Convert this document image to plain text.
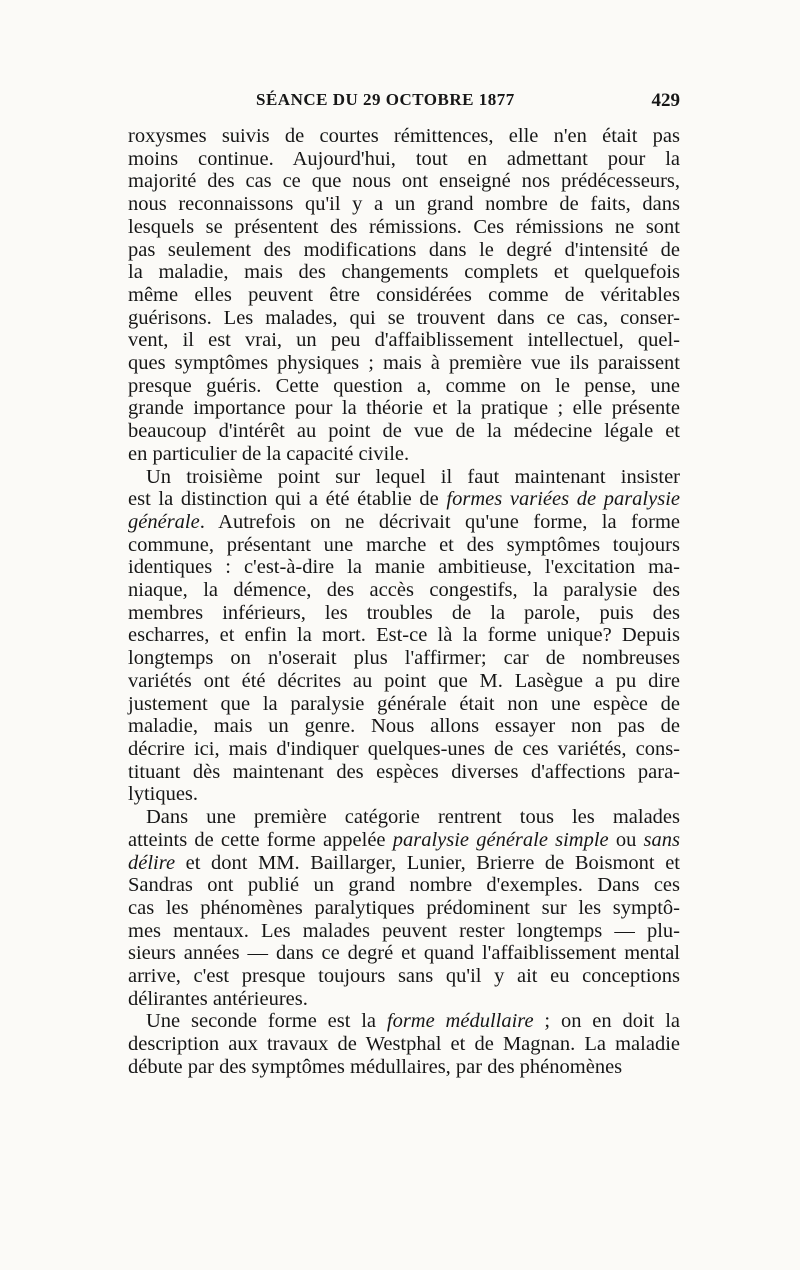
SÉANCE DU 29 OCTOBRE 1877	429

roxysmes suivis de courtes rémittences, elle n'en était pas
moins continue. Aujourd'hui, tout en admettant pour la
majorité des cas ce que nous ont enseigné nos prédécesseurs,
nous reconnaissons qu'il y a un grand nombre de faits, dans
lesquels se présentent des rémissions. Ces rémissions ne sont
pas seulement des modifications dans le degré d'intensité de
la maladie, mais des changements complets et quelquefois
même elles peuvent être considérées comme de véritables
guérisons. Les malades, qui se trouvent dans ce cas, conser-
vent, il est vrai, un peu d'affaiblissement intellectuel, quel-
ques symptômes physiques ; mais à première vue ils paraissent
presque guéris. Cette question a, comme on le pense, une
grande importance pour la théorie et la pratique ; elle présente
beaucoup d'intérêt au point de vue de la médecine légale et
en particulier de la capacité civile.

Un troisième point sur lequel il faut maintenant insister
est la distinction qui a été établie de formes variées de paralysie
générale. Autrefois on ne décrivait qu'une forme, la forme
commune, présentant une marche et des symptômes toujours
identiques : c'est-à-dire la manie ambitieuse, l'excitation ma-
niaque, la démence, des accès congestifs, la paralysie des
membres inférieurs, les troubles de la parole, puis des
escharres, et enfin la mort. Est-ce là la forme unique? Depuis
longtemps on n'oserait plus l'affirmer; car de nombreuses
variétés ont été décrites au point que M. Lasègue a pu dire
justement que la paralysie générale était non une espèce de
maladie, mais un genre. Nous allons essayer non pas de
décrire ici, mais d'indiquer quelques-unes de ces variétés, cons-
tituant dès maintenant des espèces diverses d'affections para-
lytiques.

Dans une première catégorie rentrent tous les malades
atteints de cette forme appelée paralysie générale simple ou sans
délire et dont MM. Baillarger, Lunier, Brierre de Boismont et
Sandras ont publié un grand nombre d'exemples. Dans ces
cas les phénomènes paralytiques prédominent sur les symptô-
mes mentaux. Les malades peuvent rester longtemps — plu-
sieurs années — dans ce degré et quand l'affaiblissement mental
arrive, c'est presque toujours sans qu'il y ait eu conceptions
délirantes antérieures.

Une seconde forme est la forme médullaire ; on en doit la
description aux travaux de Westphal et de Magnan. La maladie
débute par des symptômes médullaires, par des phénomènes
